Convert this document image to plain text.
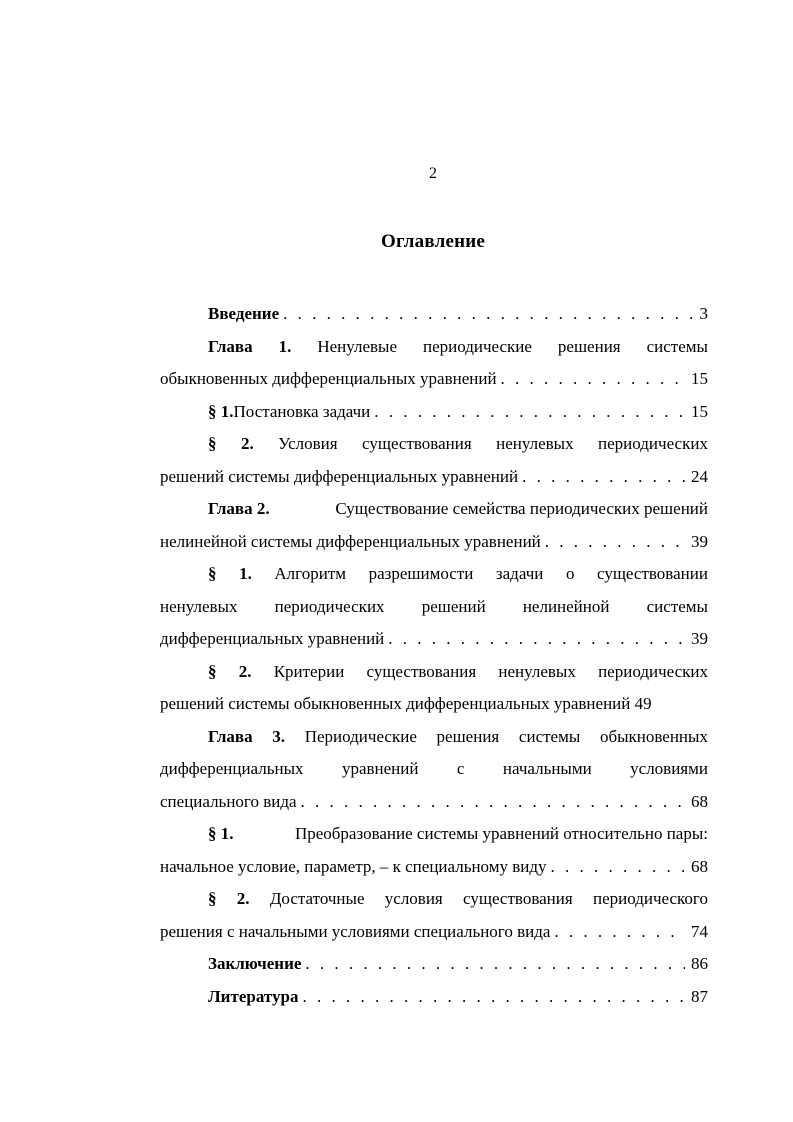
2
Оглавление
Введение . . .	3
Глава 1. Ненулевые периодические решения системы
обыкновенных дифференциальных уравнений . . .	15
§ 1. Постановка задачи . . .	15
§ 2. Условия существования ненулевых периодических
решений системы дифференциальных уравнений . . .	24
Глава 2.	Существование семейства периодических решений
нелинейной системы дифференциальных уравнений . . .	39
§ 1. Алгоритм разрешимости задачи о существовании
ненулевых периодических решений нелинейной системы
дифференциальных уравнений . . .	39
§ 2. Критерии существования ненулевых периодических
решений системы обыкновенных дифференциальных уравнений 49
Глава 3. Периодические решения системы обыкновенных
дифференциальных уравнений с начальными условиями
специального вида . . .	68
§ 1.	Преобразование системы уравнений относительно пары:
начальное условие, параметр, – к специальному виду . . .	68
§ 2. Достаточные условия существования периодического
решения с начальными условиями специального вида . . .	74
Заключение . . .	86
Литература . . .	87
